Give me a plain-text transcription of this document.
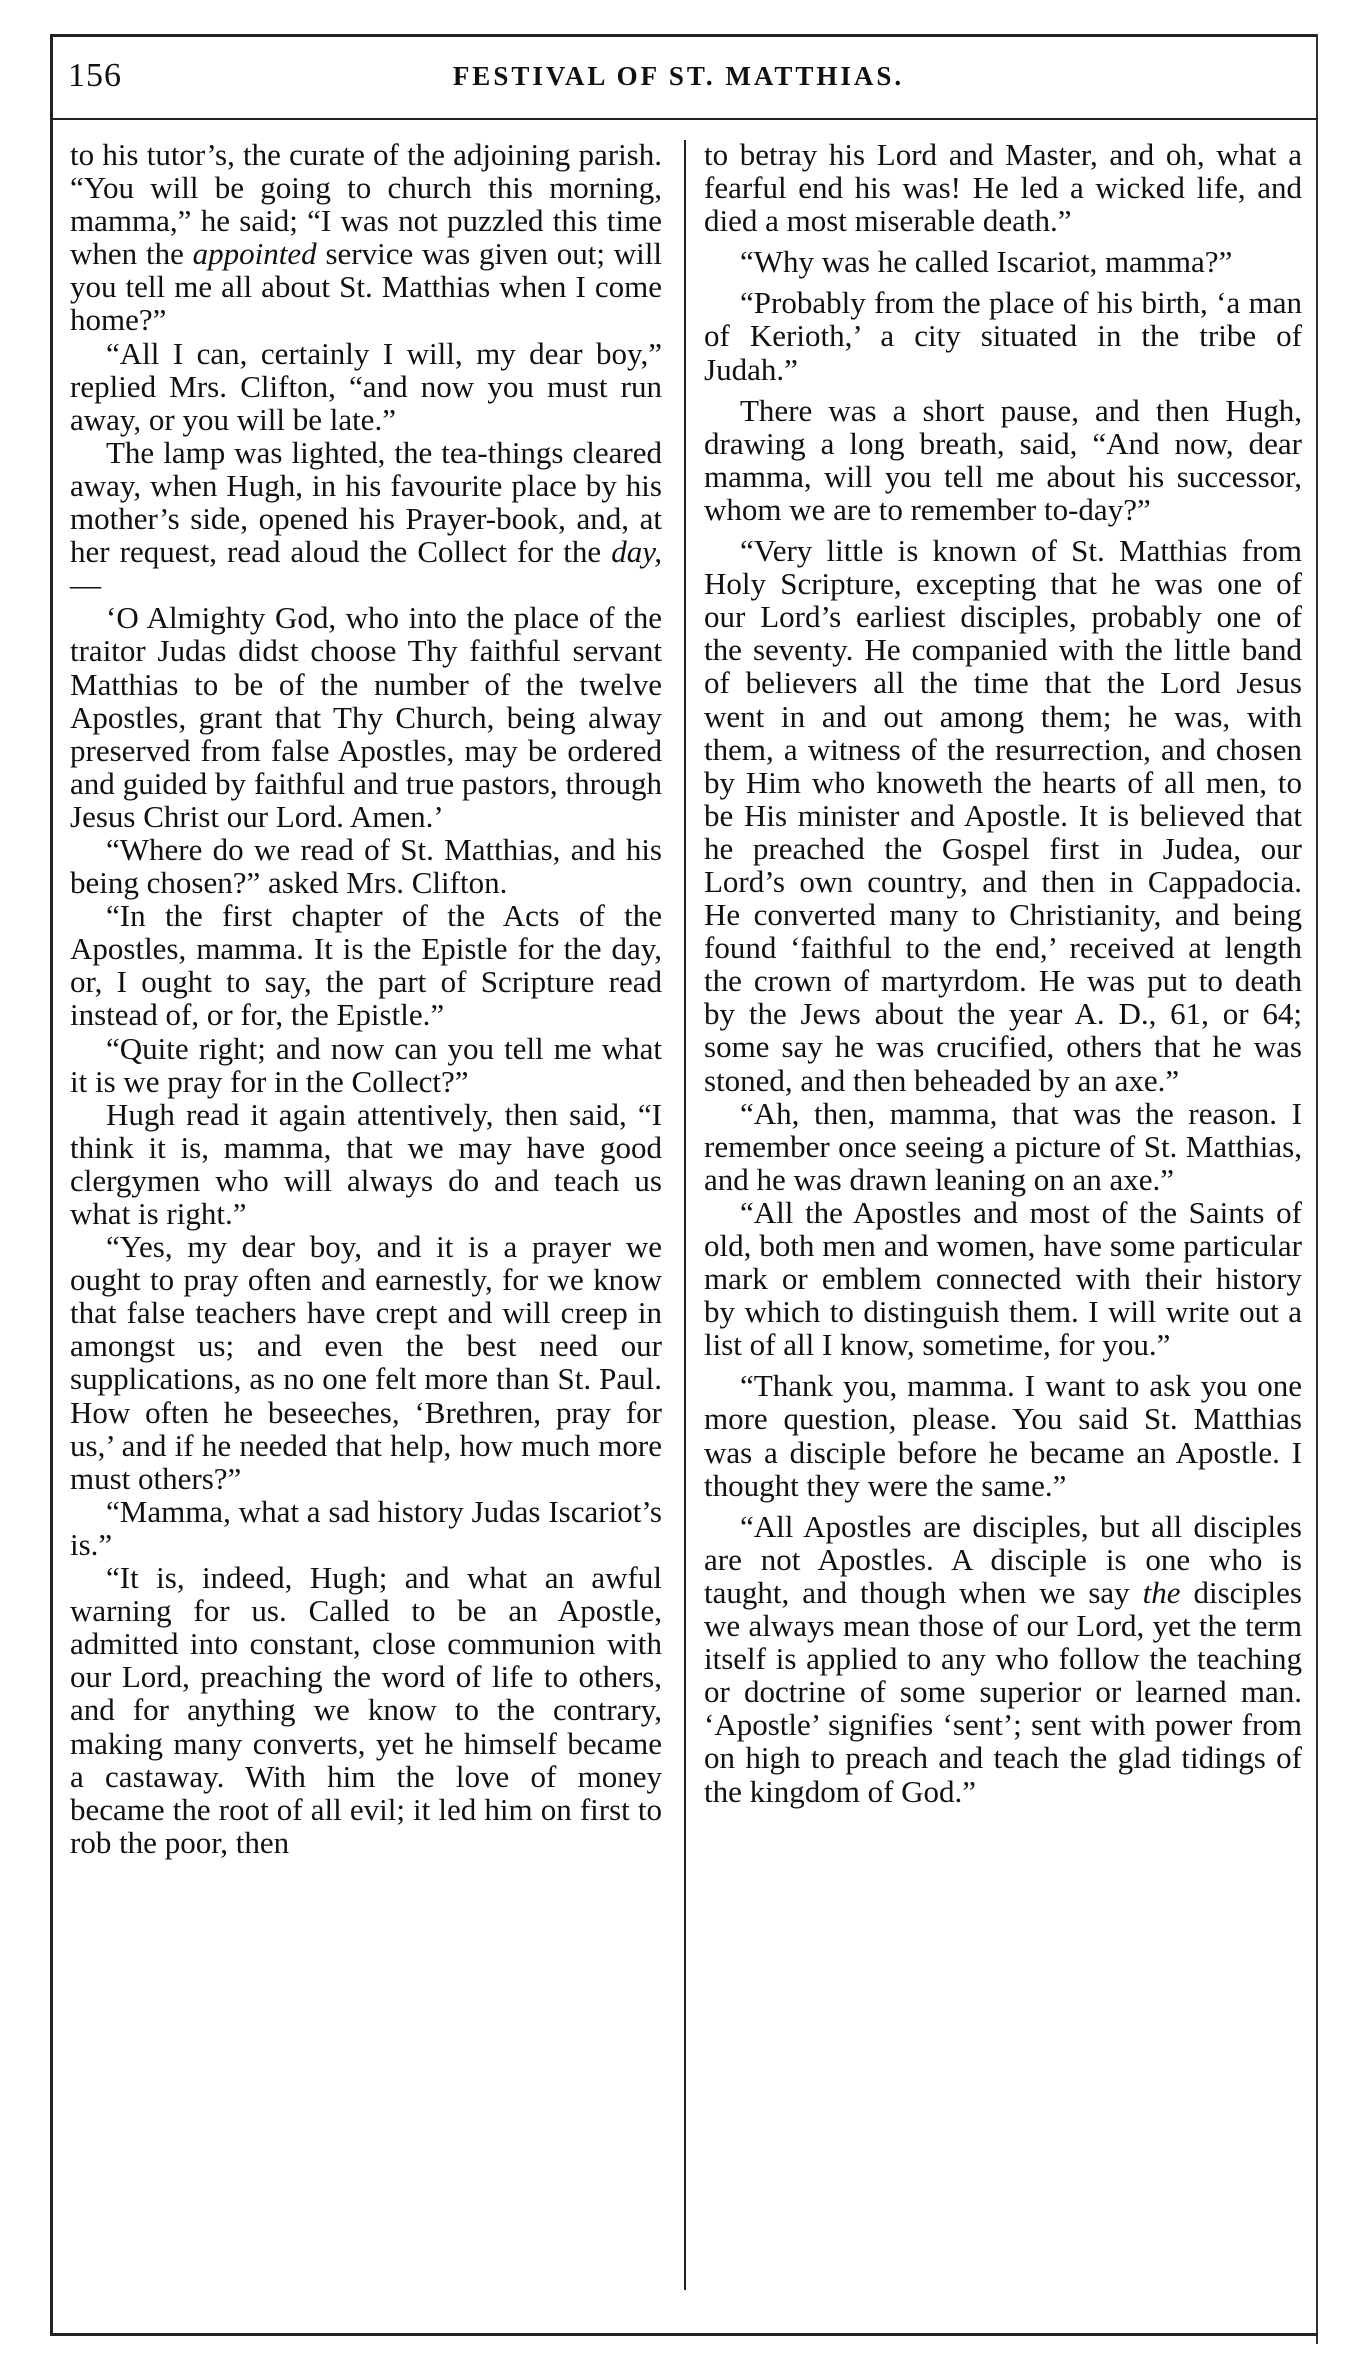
156	FESTIVAL OF ST. MATTHIAS.

to his tutor’s, the curate of the adjoining parish. “You will be going to church this morning, mamma,” he said; “I was not puzzled this time when the appointed service was given out; will you tell me all about St. Matthias when I come home?”

“All I can, certainly I will, my dear boy,” replied Mrs. Clifton, “and now you must run away, or you will be late.”

The lamp was lighted, the tea-things cleared away, when Hugh, in his favourite place by his mother’s side, opened his Prayer-book, and, at her request, read aloud the Collect for the day,—

‘O Almighty God, who into the place of the traitor Judas didst choose Thy faithful servant Matthias to be of the number of the twelve Apostles, grant that Thy Church, being alway preserved from false Apostles, may be ordered and guided by faithful and true pastors, through Jesus Christ our Lord. Amen.’

“Where do we read of St. Matthias, and his being chosen?” asked Mrs. Clifton.

“In the first chapter of the Acts of the Apostles, mamma. It is the Epistle for the day, or, I ought to say, the part of Scripture read instead of, or for, the Epistle.”

“Quite right; and now can you tell me what it is we pray for in the Collect?”

Hugh read it again attentively, then said, “I think it is, mamma, that we may have good clergymen who will always do and teach us what is right.”

“Yes, my dear boy, and it is a prayer we ought to pray often and earnestly, for we know that false teachers have crept and will creep in amongst us; and even the best need our supplications, as no one felt more than St. Paul. How often he beseeches, ‘Brethren, pray for us,’ and if he needed that help, how much more must others?”

“Mamma, what a sad history Judas Iscariot’s is.”

“It is, indeed, Hugh; and what an awful warning for us. Called to be an Apostle, admitted into constant, close communion with our Lord, preaching the word of life to others, and for anything we know to the contrary, making many converts, yet he himself became a castaway. With him the love of money became the root of all evil; it led him on first to rob the poor, then

to betray his Lord and Master, and oh, what a fearful end his was! He led a wicked life, and died a most miserable death.”

“Why was he called Iscariot, mamma?”

“Probably from the place of his birth, ‘a man of Kerioth,’ a city situated in the tribe of Judah.”

There was a short pause, and then Hugh, drawing a long breath, said, “And now, dear mamma, will you tell me about his successor, whom we are to remember to-day?”

“Very little is known of St. Matthias from Holy Scripture, excepting that he was one of our Lord’s earliest disciples, probably one of the seventy. He companied with the little band of believers all the time that the Lord Jesus went in and out among them; he was, with them, a witness of the resurrection, and chosen by Him who knoweth the hearts of all men, to be His minister and Apostle. It is believed that he preached the Gospel first in Judea, our Lord’s own country, and then in Cappadocia. He converted many to Christianity, and being found ‘faithful to the end,’ received at length the crown of martyrdom. He was put to death by the Jews about the year A. D., 61, or 64; some say he was crucified, others that he was stoned, and then beheaded by an axe.”

“Ah, then, mamma, that was the reason. I remember once seeing a picture of St. Matthias, and he was drawn leaning on an axe.”

“All the Apostles and most of the Saints of old, both men and women, have some particular mark or emblem connected with their history by which to distinguish them. I will write out a list of all I know, sometime, for you.”

“Thank you, mamma. I want to ask you one more question, please. You said St. Matthias was a disciple before he became an Apostle. I thought they were the same.”

“All Apostles are disciples, but all disciples are not Apostles. A disciple is one who is taught, and though when we say the disciples we always mean those of our Lord, yet the term itself is applied to any who follow the teaching or doctrine of some superior or learned man. ‘Apostle’ signifies ‘sent’; sent with power from on high to preach and teach the glad tidings of the kingdom of God.”
